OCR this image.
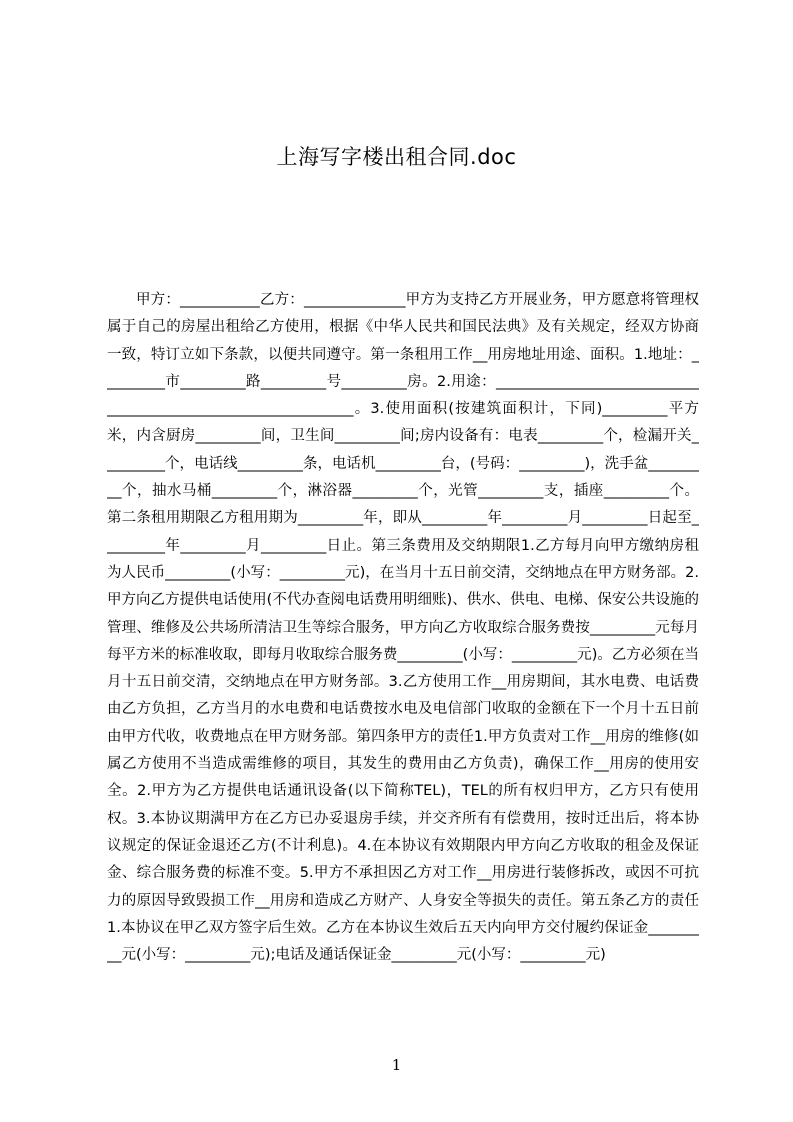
上海写字楼出租合同.doc

甲方：___________乙方：______________甲方为支持乙方开展业务，甲方愿意将管理权属于自己的房屋出租给乙方使用，根据《中华人民共和国民法典》及有关规定，经双方协商一致，特订立如下条款，以便共同遵守。第一条租用工作__用房地址用途、面积。1.地址：_________市_________路_________号_________房。2.用途：______________________________________________________________。3.使用面积(按建筑面积计，下同)_________平方米，内含厨房_________间，卫生间_________间;房内设备有：电表_________个，检漏开关_________个，电话线_________条，电话机_________台，(号码：_________)，洗手盆_________个，抽水马桶_________个，淋浴器_________个，光管_________支，插座_________个。第二条租用期限乙方租用期为_________年，即从_________年_________月_________日起至_________年_________月_________日止。第三条费用及交纳期限1.乙方每月向甲方缴纳房租为人民币_________(小写：_________元)，在当月十五日前交清，交纳地点在甲方财务部。2.甲方向乙方提供电话使用(不代办查阅电话费用明细账)、供水、供电、电梯、保安公共设施的管理、维修及公共场所清洁卫生等综合服务，甲方向乙方收取综合服务费按_________元每月每平方米的标准收取，即每月收取综合服务费_________(小写：_________元)。乙方必须在当月十五日前交清，交纳地点在甲方财务部。3.乙方使用工作__用房期间，其水电费、电话费由乙方负担，乙方当月的水电费和电话费按水电及电信部门收取的金额在下一个月十五日前由甲方代收，收费地点在甲方财务部。第四条甲方的责任1.甲方负责对工作__用房的维修(如属乙方使用不当造成需维修的项目，其发生的费用由乙方负责)，确保工作__用房的使用安全。2.甲方为乙方提供电话通讯设备(以下简称TEL)，TEL的所有权归甲方，乙方只有使用权。3.本协议期满甲方在乙方已办妥退房手续，并交齐所有有偿费用，按时迁出后，将本协议规定的保证金退还乙方(不计利息)。4.在本协议有效期限内甲方向乙方收取的租金及保证金、综合服务费的标准不变。5.甲方不承担因乙方对工作__用房进行装修拆改，或因不可抗力的原因导致毁损工作__用房和造成乙方财产、人身安全等损失的责任。第五条乙方的责任1.本协议在甲乙双方签字后生效。乙方在本协议生效后五天内向甲方交付履约保证金_________元(小写：_________元);电话及通话保证金_________元(小写：_________元)

1
